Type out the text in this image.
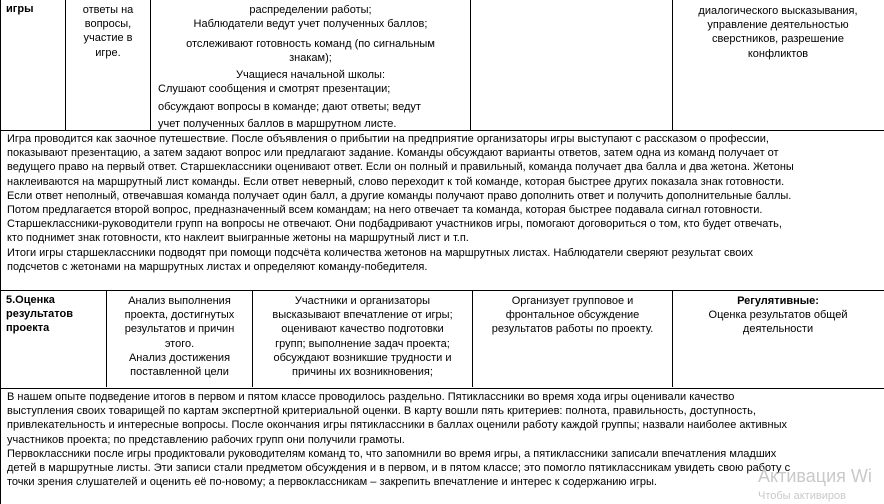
игры	ответы на
вопросы,
участие в
игре.
распределении работы;
Наблюдатели ведут учет полученных баллов;
отслеживают готовность команд (по сигнальным
знакам);
Учащиеся начальной школы:
Слушают сообщения и смотрят презентации;
обсуждают вопросы в команде; дают ответы; ведут
учет полученных баллов в маршрутном листе.
диалогического высказывания,
управление деятельностью
сверстников, разрешение
конфликтов
Игра проводится как заочное путешествие. После объявления о прибытии на предприятие организаторы игры выступают с рассказом о профессии,
показывают презентацию, а затем задают вопрос или предлагают задание. Команды обсуждают варианты ответов, затем одна из команд получает от
ведущего право на первый ответ. Старшеклассники оценивают ответ. Если он полный и правильный, команда получает два балла и два жетона. Жетоны
наклеиваются на маршрутный лист команды. Если ответ неверный, слово переходит к той команде, которая быстрее других показала знак готовности.
Если ответ неполный, отвечавшая команда получает один балл, а другие команды получают право дополнить ответ и получить дополнительные баллы.
Потом предлагается второй вопрос, предназначенный всем командам; на него отвечает та команда, которая быстрее подавала сигнал готовности.
Старшеклассники-руководители групп на вопросы не отвечают. Они подбадривают участников игры, помогают договориться о том, кто будет отвечать,
кто поднимет знак готовности, кто наклеит выигранные жетоны на маршрутный лист и т.п.
Итоги игры старшеклассники подводят при помощи подсчёта количества жетонов на маршрутных листах. Наблюдатели сверяют результат своих
подсчетов с жетонами на маршрутных листах и определяют команду-победителя.
5.Оценка
результатов
проекта
Анализ выполнения
проекта, достигнутых
результатов и причин
этого.
Анализ достижения
поставленной цели
Участники и организаторы
высказывают впечатление от игры;
оценивают качество подготовки
групп; выполнение задач проекта;
обсуждают возникшие трудности и
причины их возникновения;
Организует групповое и
фронтальное обсуждение
результатов работы по проекту.
Регулятивные:
Оценка результатов общей
деятельности
В нашем опыте подведение итогов в первом и пятом классе проводилось раздельно. Пятиклассники во время хода игры оценивали качество
выступления своих товарищей по картам экспертной критериальной оценки. В карту вошли пять критериев: полнота, правильность, доступность,
привлекательность и интересные вопросы. После окончания игры пятиклассники в баллах оценили работу каждой группы; назвали наиболее активных
участников проекта; по представлению рабочих групп они получили грамоты.
Первоклассники после игры продиктовали руководителям команд то, что запомнили во время игры, а пятиклассники записали впечатления младших
детей в маршрутные листы. Эти записи стали предметом обсуждения и в первом, и в пятом классе; это помогло пятиклассникам увидеть свою работу с
точки зрения слушателей и оценить её по-новому; а первоклассникам – закрепить впечатление и интерес к содержанию игры.	Активация Wi
Чтобы активиров
